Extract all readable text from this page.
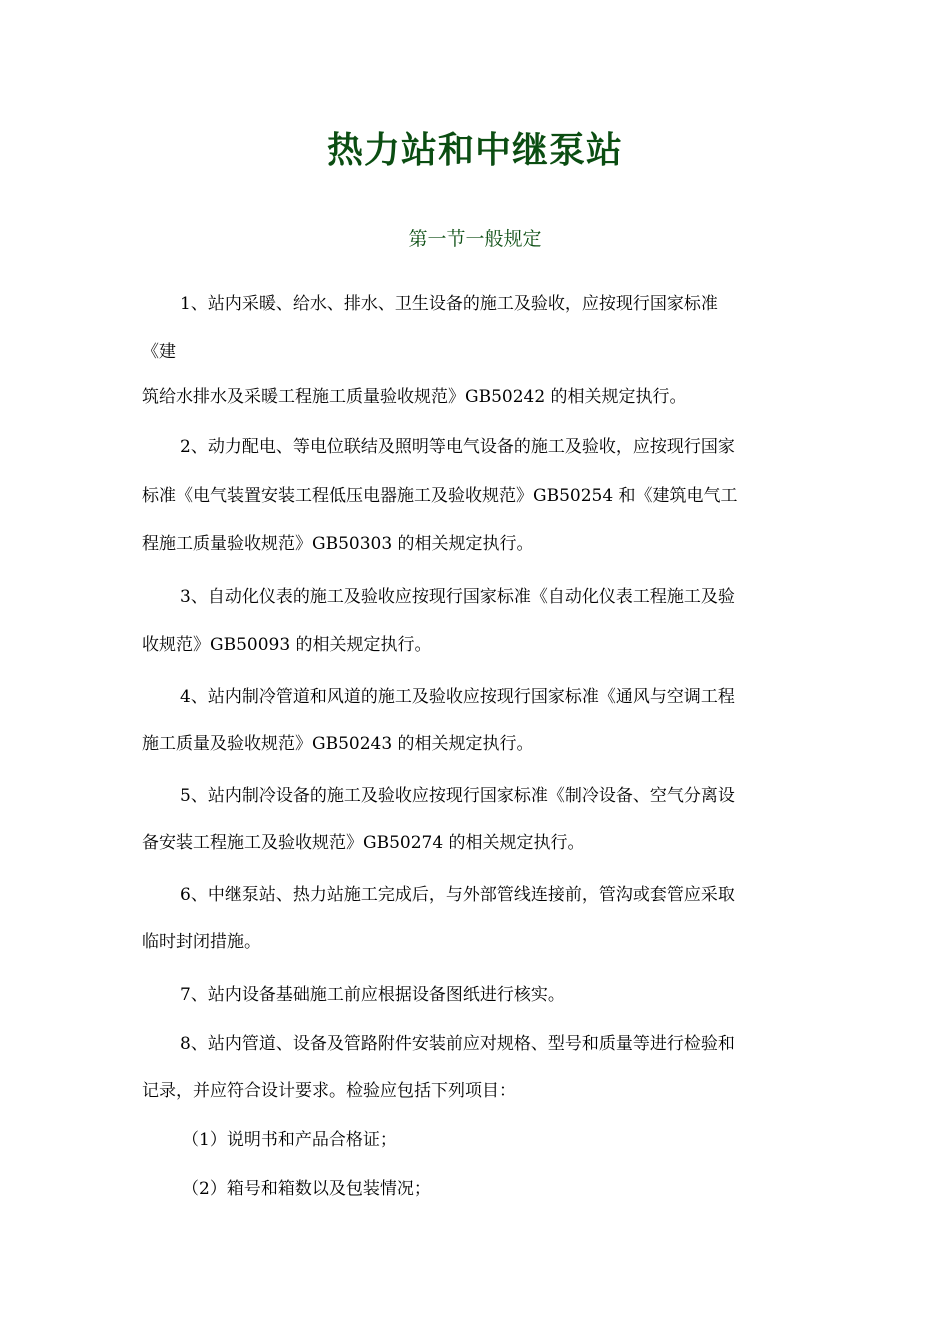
热力站和中继泵站
第一节一般规定
1、站内采暖、给水、排水、卫生设备的施工及验收，应按现行国家标准
《建
筑给水排水及采暖工程施工质量验收规范》GB50242 的相关规定执行。
2、动力配电、等电位联结及照明等电气设备的施工及验收，应按现行国家
标准《电气装置安装工程低压电器施工及验收规范》GB50254 和《建筑电气工
程施工质量验收规范》GB50303 的相关规定执行。
3、自动化仪表的施工及验收应按现行国家标准《自动化仪表工程施工及验
收规范》GB50093 的相关规定执行。
4、站内制冷管道和风道的施工及验收应按现行国家标准《通风与空调工程
施工质量及验收规范》GB50243 的相关规定执行。
5、站内制冷设备的施工及验收应按现行国家标准《制冷设备、空气分离设
备安装工程施工及验收规范》GB50274 的相关规定执行。
6、中继泵站、热力站施工完成后，与外部管线连接前，管沟或套管应采取
临时封闭措施。
7、站内设备基础施工前应根据设备图纸进行核实。
8、站内管道、设备及管路附件安装前应对规格、型号和质量等进行检验和
记录，并应符合设计要求。检验应包括下列项目：
（1）说明书和产品合格证；
（2）箱号和箱数以及包装情况；
